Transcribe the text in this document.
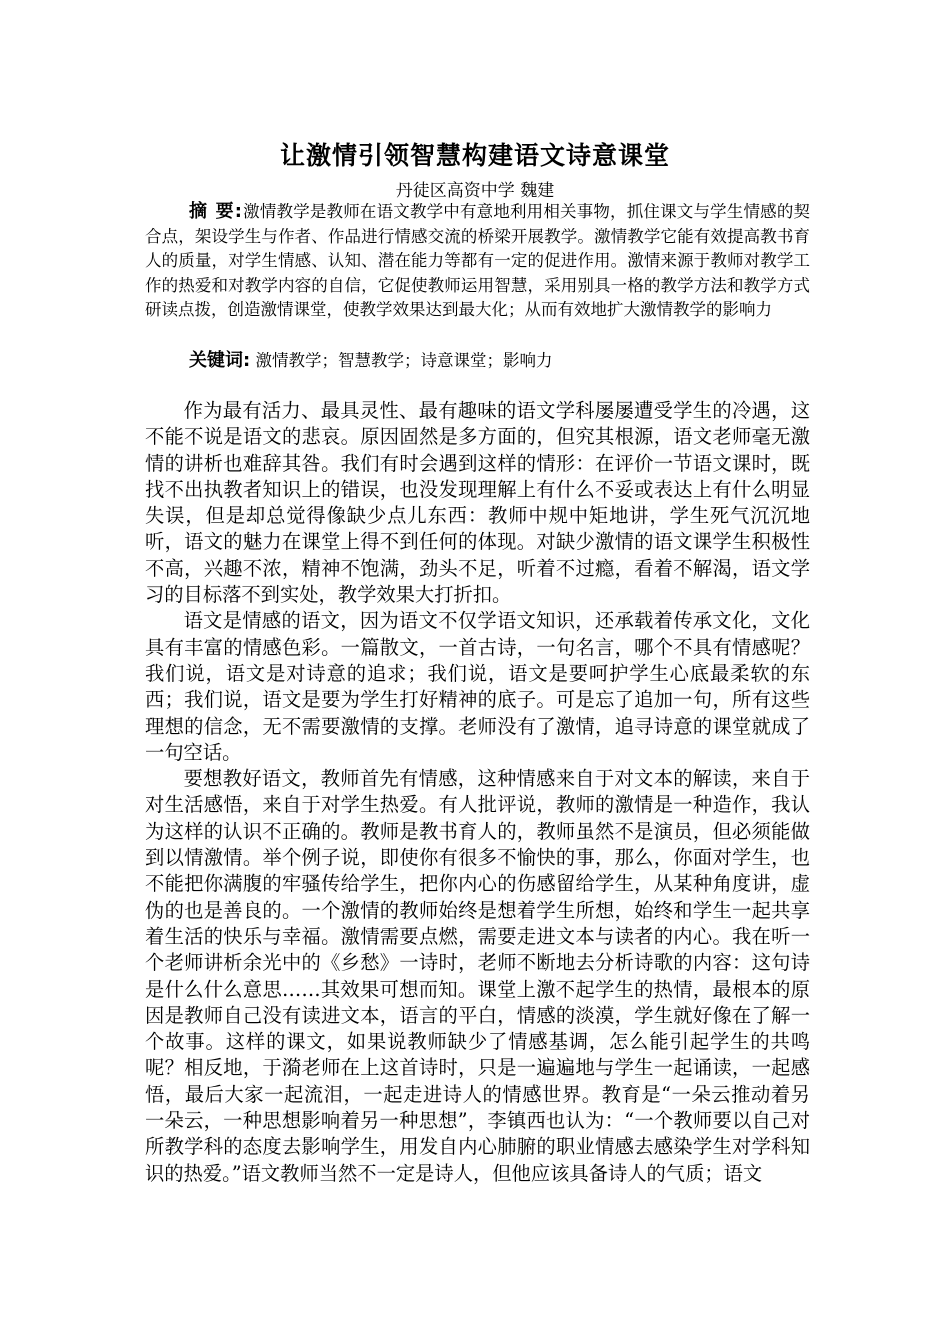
让激情引领智慧构建语文诗意课堂
丹徒区高资中学 魏建
摘 要:激情教学是教师在语文教学中有意地利用相关事物，抓住课文与学生情感的契合点，架设学生与作者、作品进行情感交流的桥梁开展教学。激情教学它能有效提高教书育人的质量，对学生情感、认知、潜在能力等都有一定的促进作用。激情来源于教师对教学工作的热爱和对教学内容的自信，它促使教师运用智慧，采用别具一格的教学方法和教学方式研读点拨，创造激情课堂，使教学效果达到最大化；从而有效地扩大激情教学的影响力
关键词: 激情教学；智慧教学；诗意课堂；影响力

作为最有活力、最具灵性、最有趣味的语文学科屡屡遭受学生的冷遇，这不能不说是语文的悲哀。原因固然是多方面的，但究其根源，语文老师毫无激情的讲析也难辞其咎。我们有时会遇到这样的情形：在评价一节语文课时，既找不出执教者知识上的错误，也没发现理解上有什么不妥或表达上有什么明显失误，但是却总觉得像缺少点儿东西：教师中规中矩地讲，学生死气沉沉地听，语文的魅力在课堂上得不到任何的体现。对缺少激情的语文课学生积极性不高，兴趣不浓，精神不饱满，劲头不足，听着不过瘾，看着不解渴，语文学习的目标落不到实处，教学效果大打折扣。

语文是情感的语文，因为语文不仅学语文知识，还承载着传承文化，文化具有丰富的情感色彩。一篇散文，一首古诗，一句名言，哪个不具有情感呢？我们说，语文是对诗意的追求；我们说，语文是要呵护学生心底最柔软的东西；我们说，语文是要为学生打好精神的底子。可是忘了追加一句，所有这些理想的信念，无不需要激情的支撑。老师没有了激情，追寻诗意的课堂就成了一句空话。

要想教好语文，教师首先有情感，这种情感来自于对文本的解读，来自于对生活感悟，来自于对学生热爱。有人批评说，教师的激情是一种造作，我认为这样的认识不正确的。教师是教书育人的，教师虽然不是演员，但必须能做到以情激情。举个例子说，即使你有很多不愉快的事，那么，你面对学生，也不能把你满腹的牢骚传给学生，把你内心的伤感留给学生，从某种角度讲，虚伪的也是善良的。一个激情的教师始终是想着学生所想，始终和学生一起共享着生活的快乐与幸福。激情需要点燃，需要走进文本与读者的内心。我在听一个老师讲析余光中的《乡愁》一诗时，老师不断地去分析诗歌的内容：这句诗是什么什么意思……其效果可想而知。课堂上激不起学生的热情，最根本的原因是教师自己没有读进文本，语言的平白，情感的淡漠，学生就好像在了解一个故事。这样的课文，如果说教师缺少了情感基调，怎么能引起学生的共鸣呢？相反地，于漪老师在上这首诗时，只是一遍遍地与学生一起诵读，一起感悟，最后大家一起流泪，一起走进诗人的情感世界。教育是“一朵云推动着另一朵云，一种思想影响着另一种思想”，李镇西也认为：“一个教师要以自己对所教学科的态度去影响学生，用发自内心肺腑的职业情感去感染学生对学科知识的热爱。”语文教师当然不一定是诗人，但他应该具备诗人的气质；语文
